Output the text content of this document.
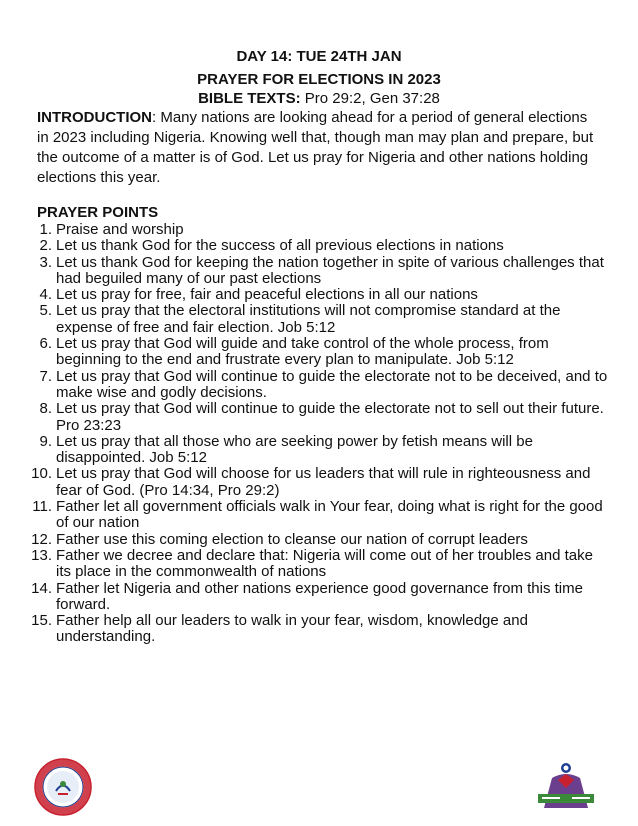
DAY 14: TUE 24TH JAN
PRAYER FOR ELECTIONS IN 2023
BIBLE TEXTS: Pro 29:2, Gen 37:28
INTRODUCTION: Many nations are looking ahead for a period of general elections in 2023 including Nigeria. Knowing well that, though man may plan and prepare, but the outcome of a matter is of God. Let us pray for Nigeria and other nations holding elections this year.
PRAYER POINTS
1. Praise and worship
2. Let us thank God for the success of all previous elections in nations
3. Let us thank God for keeping the nation together in spite of various challenges that had beguiled many of our past elections
4. Let us pray for free, fair and peaceful elections in all our nations
5. Let us pray that the electoral institutions will not compromise standard at the expense of free and fair election. Job 5:12
6. Let us pray that God will guide and take control of the whole process, from beginning to the end and frustrate every plan to manipulate. Job 5:12
7. Let us pray that God will continue to guide the electorate not to be deceived, and to make wise and godly decisions.
8. Let us pray that God will continue to guide the electorate not to sell out their future. Pro 23:23
9. Let us pray that all those who are seeking power by fetish means will be disappointed. Job 5:12
10. Let us pray that God will choose for us leaders that will rule in righteousness and fear of God. (Pro 14:34, Pro 29:2)
11. Father let all government officials walk in Your fear, doing what is right for the good of our nation
12. Father use this coming election to cleanse our nation of corrupt leaders
13. Father we decree and declare that: Nigeria will come out of her troubles and take its place in the commonwealth of nations
14. Father let Nigeria and other nations experience good governance from this time forward.
15. Father help all our leaders to walk in your fear, wisdom, knowledge and understanding.
